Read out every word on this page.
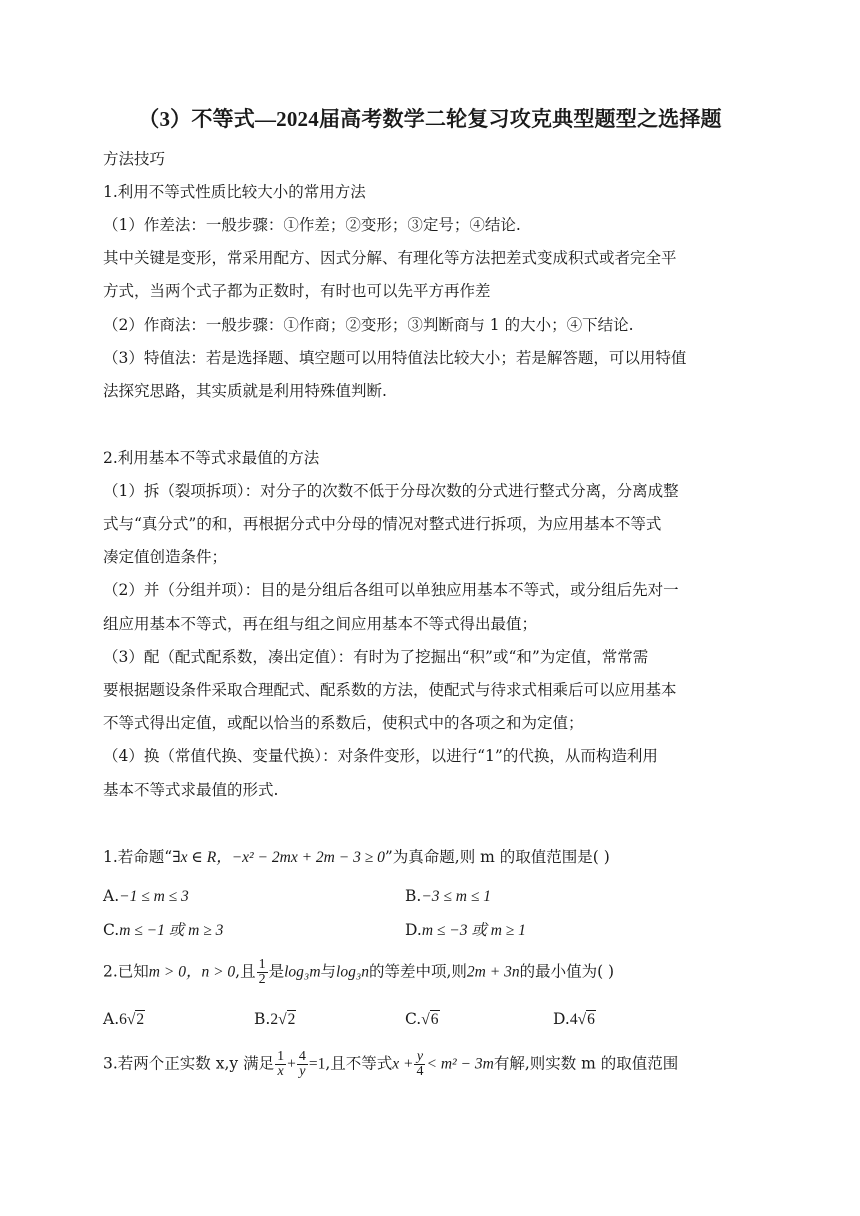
（3）不等式—2024届高考数学二轮复习攻克典型题型之选择题
方法技巧
1.利用不等式性质比较大小的常用方法
（1）作差法：一般步骤：①作差；②变形；③定号；④结论.
其中关键是变形，常采用配方、因式分解、有理化等方法把差式变成积式或者完全平
方式，当两个式子都为正数时，有时也可以先平方再作差
（2）作商法：一般步骤：①作商；②变形；③判断商与 1 的大小；④下结论.
（3）特值法：若是选择题、填空题可以用特值法比较大小；若是解答题，可以用特值
法探究思路，其实质就是利用特殊值判断.
2.利用基本不等式求最值的方法
（1）拆（裂项拆项）：对分子的次数不低于分母次数的分式进行整式分离，分离成整
式与“真分式”的和，再根据分式中分母的情况对整式进行拆项，为应用基本不等式
凑定值创造条件；
（2）并（分组并项）：目的是分组后各组可以单独应用基本不等式，或分组后先对一
组应用基本不等式，再在组与组之间应用基本不等式得出最值；
（3）配（配式配系数，凑出定值）：有时为了挖掘出“积”或“和”为定值，常常需
要根据题设条件采取合理配式、配系数的方法，使配式与待求式相乘后可以应用基本
不等式得出定值，或配以恰当的系数后，使积式中的各项之和为定值；
（4）换（常值代换、变量代换）：对条件变形，以进行“1”的代换，从而构造利用
基本不等式求最值的形式.
1.若命题“∃x ∈ R，−x² − 2mx + 2m − 3 ≥ 0”为真命题,则 m 的取值范围是( )
A.−1 ≤ m ≤ 3	B.−3 ≤ m ≤ 1
C.m ≤ −1 或 m ≥ 3	D.m ≤ −3 或 m ≥ 1
2.已知m > 0，n > 0,且 $\frac{1}{2}$ 是log₃m与log₃n的等差中项,则2m + 3n的最小值为( )
A.6√2	B.2√2	C.√6	D.4√6
3.若两个正实数 x,y 满足 $\frac{1}{x} + \frac{4}{y} =1$,且不等式$x + \frac{y}{4} < m^2 - 3m$有解,则实数 m 的取值范围
